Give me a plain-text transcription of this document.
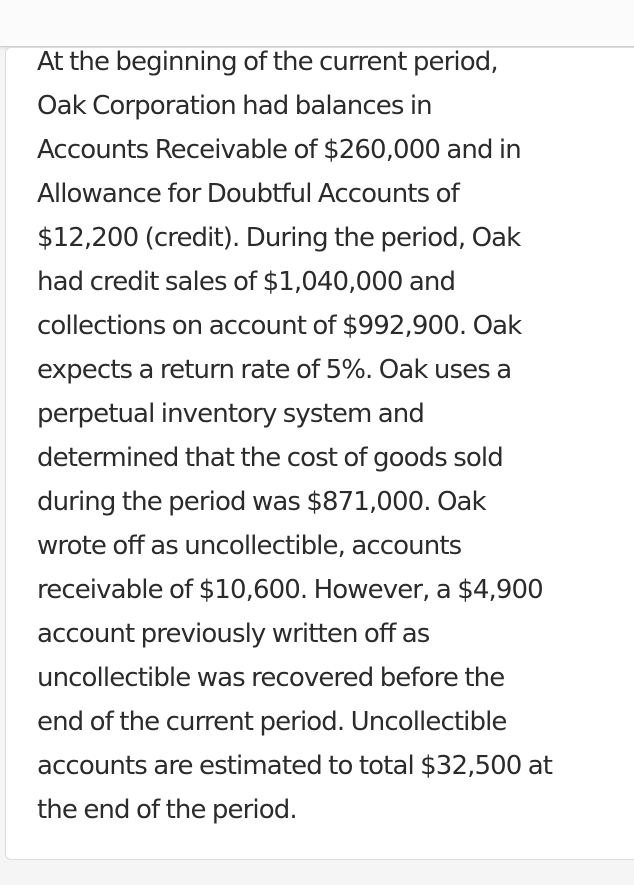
At the beginning of the current period,
Oak Corporation had balances in
Accounts Receivable of $260,000 and in
Allowance for Doubtful Accounts of
$12,200 (credit). During the period, Oak
had credit sales of $1,040,000 and
collections on account of $992,900. Oak
expects a return rate of 5%. Oak uses a
perpetual inventory system and
determined that the cost of goods sold
during the period was $871,000. Oak
wrote off as uncollectible, accounts
receivable of $10,600. However, a $4,900
account previously written off as
uncollectible was recovered before the
end of the current period. Uncollectible
accounts are estimated to total $32,500 at
the end of the period.
